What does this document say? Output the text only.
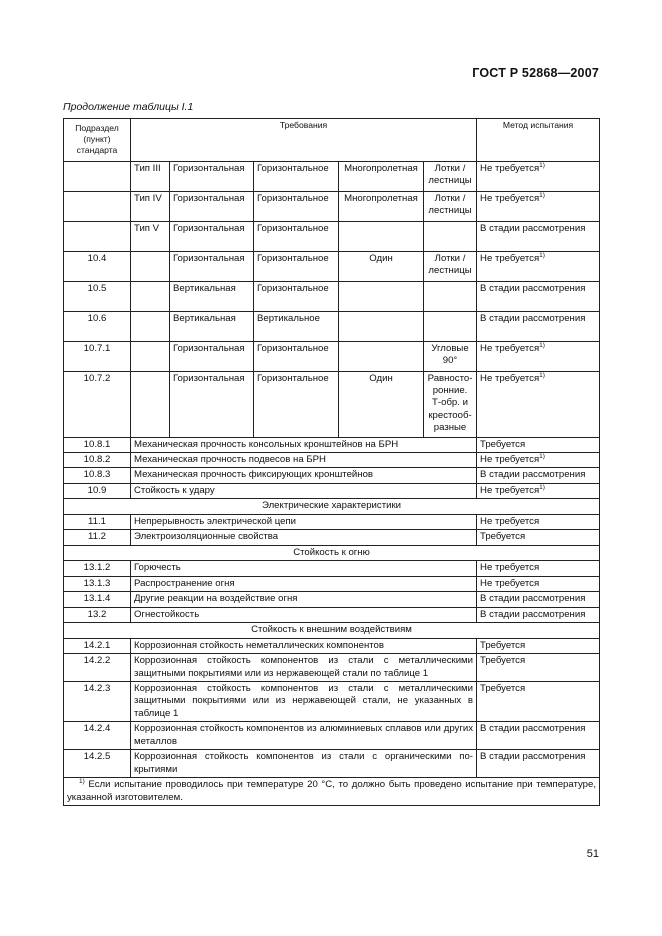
ГОСТ Р 52868—2007
Продолжение таблицы I.1
Подраздел (пункт) стандарта	Требования					Метод испытания
	Тип III	Горизонтальная	Горизонтальное	Многопролетная	Лотки / лестницы	Не требуется$^{1)}$
	Тип IV	Горизонтальная	Горизонтальное	Многопролетная	Лотки / лестницы	Не требуется$^{1)}$
	Тип V	Горизонтальная	Горизонтальное			В стадии рассмотрения
10.4		Горизонтальная	Горизонтальное	Один	Лотки / лестницы	Не требуется$^{1)}$
10.5		Вертикальная	Горизонтальное			В стадии рассмотрения
10.6		Вертикальная	Вертикальное			В стадии рассмотрения
10.7.1		Горизонтальная	Горизонтальное		Угловые 90°	Не требуется$^{1)}$
10.7.2		Горизонтальная	Горизонтальное	Один	Равносто-ронние. Т-обр. и крестооб-разные	Не требуется$^{1)}$
10.8.1	Механическая прочность консольных кронштейнов на БРН					Требуется
10.8.2	Механическая прочность подвесов на БРН					Не требуется$^{1)}$
10.8.3	Механическая прочность фиксирующих кронштейнов					В стадии рассмотрения
10.9	Стойкость к удару					Не требуется$^{1)}$
Электрические характеристики						
11.1	Непрерывность электрической цепи					Не требуется
11.2	Электроизоляционные свойства					Требуется
Стойкость к огню						
13.1.2	Горючесть					Не требуется
13.1.3	Распространение огня					Не требуется
13.1.4	Другие реакции на воздействие огня					В стадии рассмотрения
13.2	Огнестойкость					В стадии рассмотрения
Стойкость к внешним воздействиям						
14.2.1	Коррозионная стойкость неметаллических компонентов					Требуется
14.2.2	Коррозионная стойкость компонентов из стали с металлическими защитными покрытиями или из нержавеющей стали по таблице 1					Требуется
14.2.3	Коррозионная стойкость компонентов из стали с металлическими защитными покрытиями или из нержавеющей стали, не указанных в таблице 1					Требуется
14.2.4	Коррозионная стойкость компонентов из алюминиевых сплавов или других металлов					В стадии рассмотрения
14.2.5	Коррозионная стойкость компонентов из стали с органическими по-крытиями					В стадии рассмотрения

$^{1)}$ Если испытание проводилось при температуре 20 °С, то должно быть проведено испытание при температуре, указанной изготовителем.						
51
